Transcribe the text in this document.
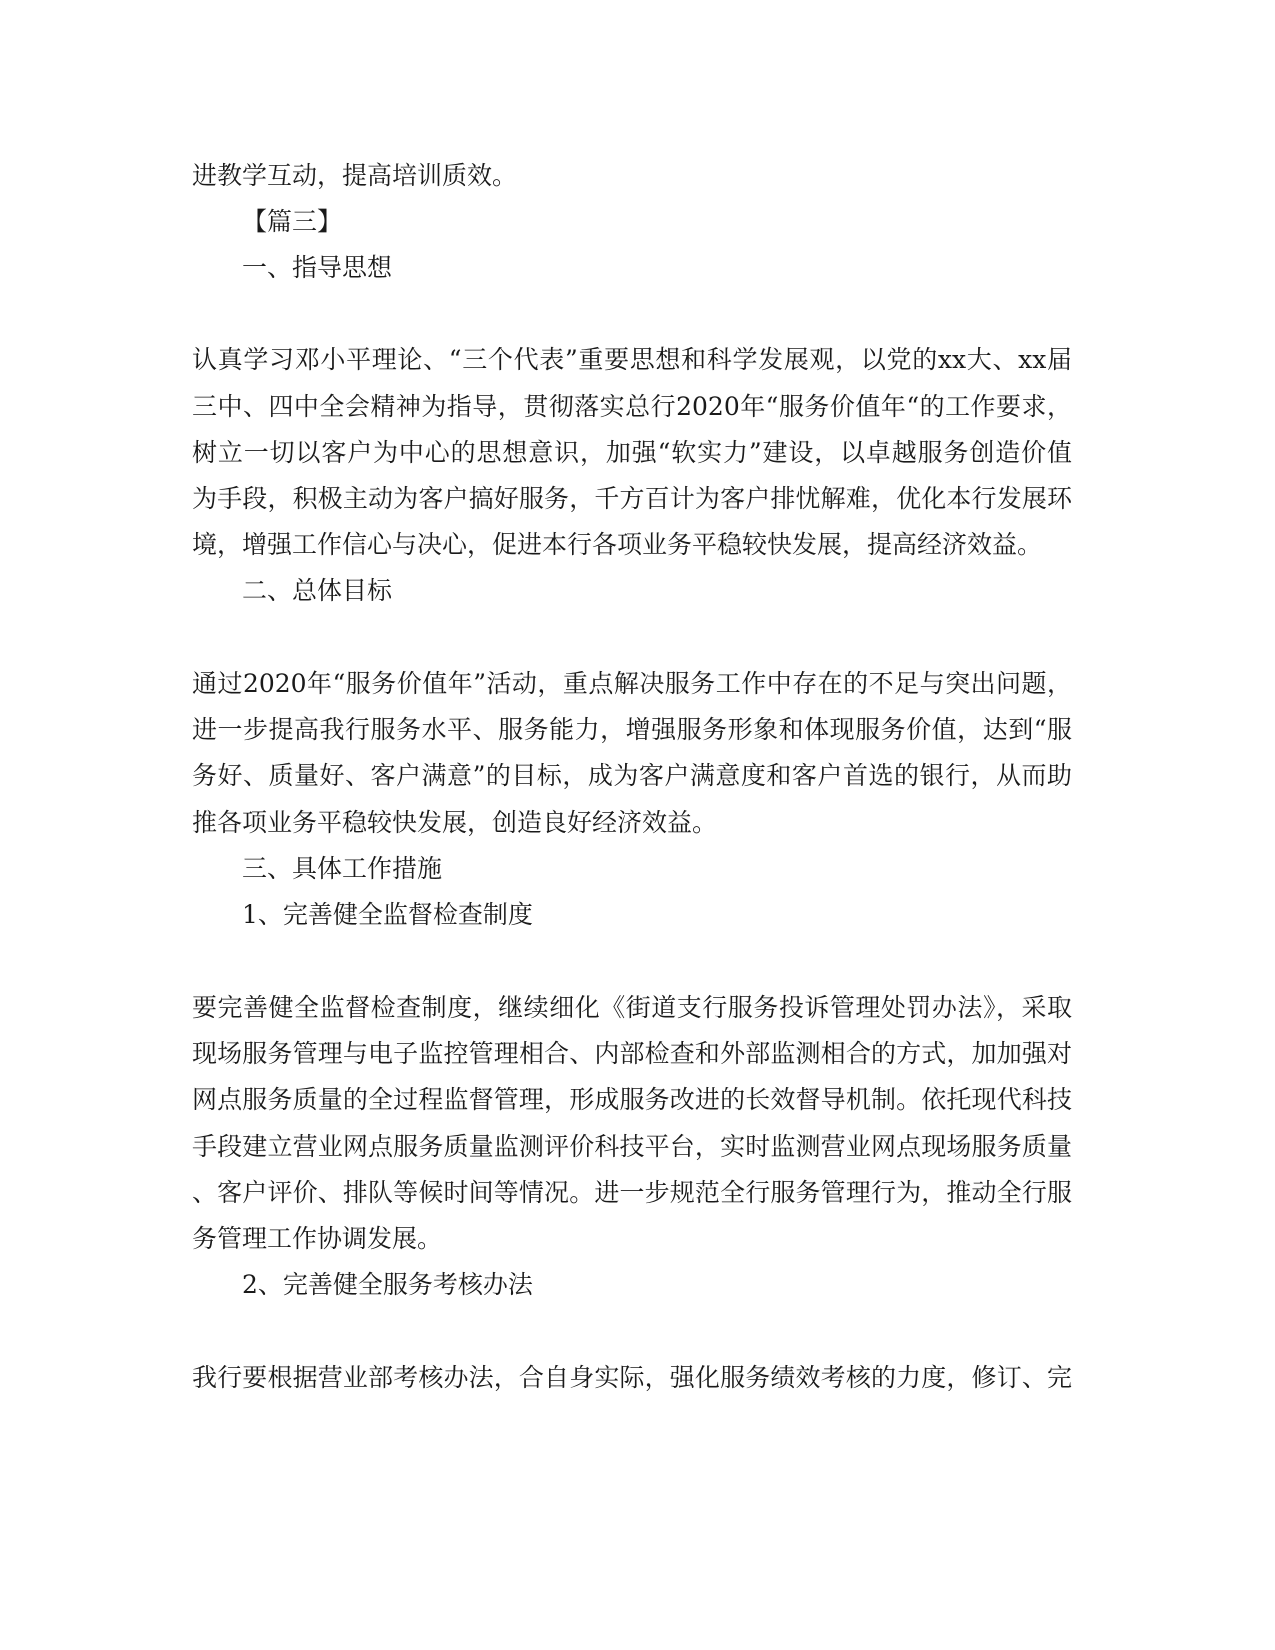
进教学互动，提高培训质效。
【篇三】
一、指导思想
认真学习邓小平理论、“三个代表”重要思想和科学发展观，以党的xx大、xx届
三中、四中全会精神为指导，贯彻落实总行2020年“服务价值年“的工作要求，
树立一切以客户为中心的思想意识，加强“软实力”建设，以卓越服务创造价值
为手段，积极主动为客户搞好服务，千方百计为客户排忧解难，优化本行发展环
境，增强工作信心与决心，促进本行各项业务平稳较快发展，提高经济效益。
二、总体目标
通过2020年“服务价值年”活动，重点解决服务工作中存在的不足与突出问题，
进一步提高我行服务水平、服务能力，增强服务形象和体现服务价值，达到“服
务好、质量好、客户满意”的目标，成为客户满意度和客户首选的银行，从而助
推各项业务平稳较快发展，创造良好经济效益。
三、具体工作措施
1、完善健全监督检查制度
要完善健全监督检查制度，继续细化《街道支行服务投诉管理处罚办法》，采取
现场服务管理与电子监控管理相合、内部检查和外部监测相合的方式，加加强对
网点服务质量的全过程监督管理，形成服务改进的长效督导机制。依托现代科技
手段建立营业网点服务质量监测评价科技平台，实时监测营业网点现场服务质量
、客户评价、排队等候时间等情况。进一步规范全行服务管理行为，推动全行服
务管理工作协调发展。
2、完善健全服务考核办法
我行要根据营业部考核办法，合自身实际，强化服务绩效考核的力度，修订、完
